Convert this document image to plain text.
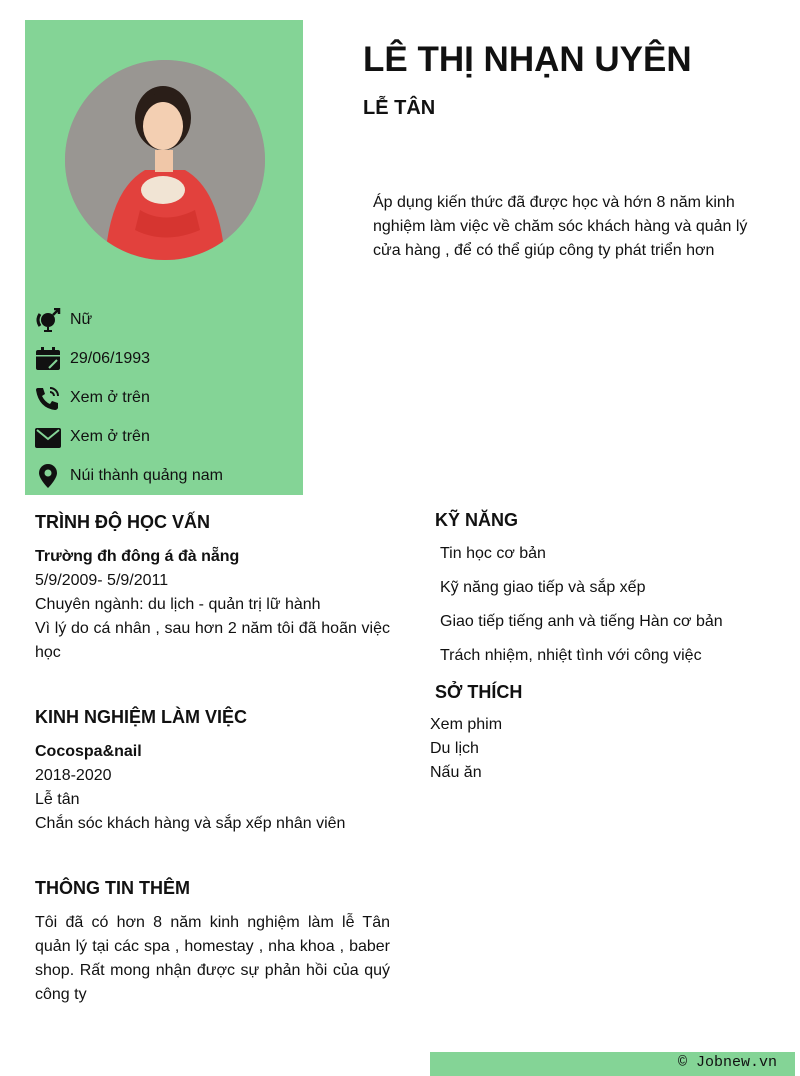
Nữ
29/06/1993
Xem ở trên
Xem ở trên
Núi thành quảng nam
LÊ THỊ NHẠN UYÊN
LỄ TÂN
Áp dụng kiến thức đã được học và hớn 8 năm kinh nghiệm làm việc về chăm sóc khách hàng và quản lý cửa hàng , để có thể giúp công ty phát triển hơn
TRÌNH ĐỘ HỌC VẤN
Trường đh đông á đà nẵng
5/9/2009- 5/9/2011
Chuyên ngành: du lịch - quản trị lữ hành
Vì lý do cá nhân , sau hơn 2 năm tôi đã hoãn việc học
KINH NGHIỆM LÀM VIỆC
Cocospa&nail
2018-2020
Lễ tân
Chắn sóc khách hàng và sắp xếp nhân viên
THÔNG TIN THÊM
Tôi đã có hơn 8 năm kinh nghiệm làm lễ Tân quản lý tại các spa , homestay , nha khoa , baber shop. Rất mong nhận được sự phản hồi của quý công ty
KỸ NĂNG
Tin học cơ bản
Kỹ năng giao tiếp và sắp xếp
Giao tiếp tiếng anh và tiếng Hàn cơ bản
Trách nhiệm, nhiệt tình với công việc
SỞ THÍCH
Xem phim
Du lịch
Nấu ăn
© Jobnew.vn
